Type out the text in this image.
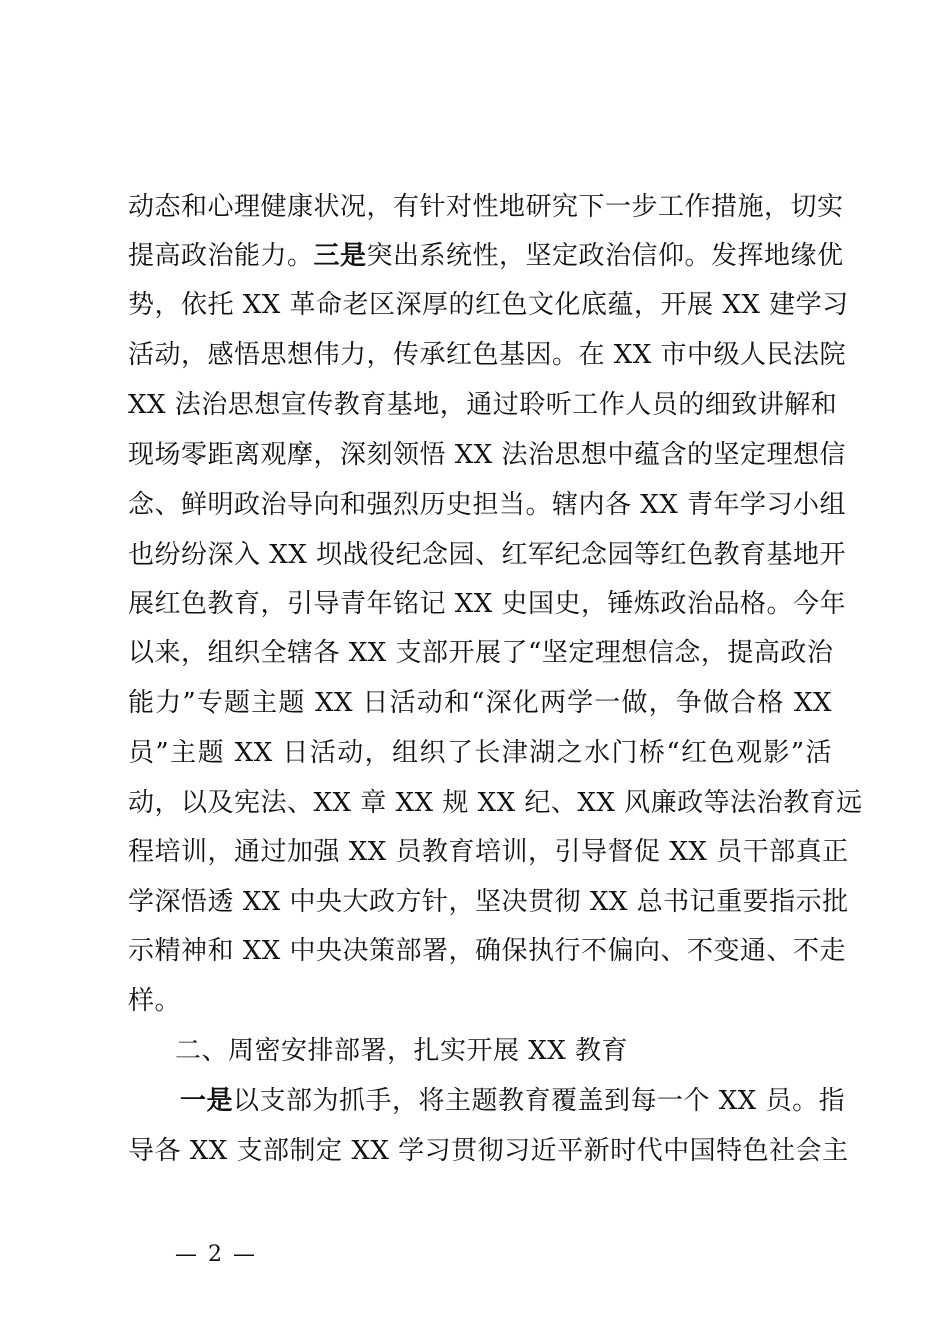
动态和心理健康状况，有针对性地研究下一步工作措施，切实
提高政治能力。三是突出系统性，坚定政治信仰。发挥地缘优
势，依托 XX 革命老区深厚的红色文化底蕴，开展 XX 建学习
活动，感悟思想伟力，传承红色基因。在 XX 市中级人民法院
XX 法治思想宣传教育基地，通过聆听工作人员的细致讲解和
现场零距离观摩，深刻领悟 XX 法治思想中蕴含的坚定理想信
念、鲜明政治导向和强烈历史担当。辖内各 XX 青年学习小组
也纷纷深入 XX 坝战役纪念园、红军纪念园等红色教育基地开
展红色教育，引导青年铭记 XX 史国史，锤炼政治品格。今年
以来，组织全辖各 XX 支部开展了“坚定理想信念，提高政治
能力”专题主题 XX 日活动和“深化两学一做，争做合格 XX
员”主题 XX 日活动，组织了长津湖之水门桥“红色观影”活
动，以及宪法、XX 章 XX 规 XX 纪、XX 风廉政等法治教育远
程培训，通过加强 XX 员教育培训，引导督促 XX 员干部真正
学深悟透 XX 中央大政方针，坚决贯彻 XX 总书记重要指示批
示精神和 XX 中央决策部署，确保执行不偏向、不变通、不走
样。
二、周密安排部署，扎实开展 XX 教育
一是以支部为抓手，将主题教育覆盖到每一个 XX 员。指
导各 XX 支部制定 XX 学习贯彻习近平新时代中国特色社会主
— 2 —
